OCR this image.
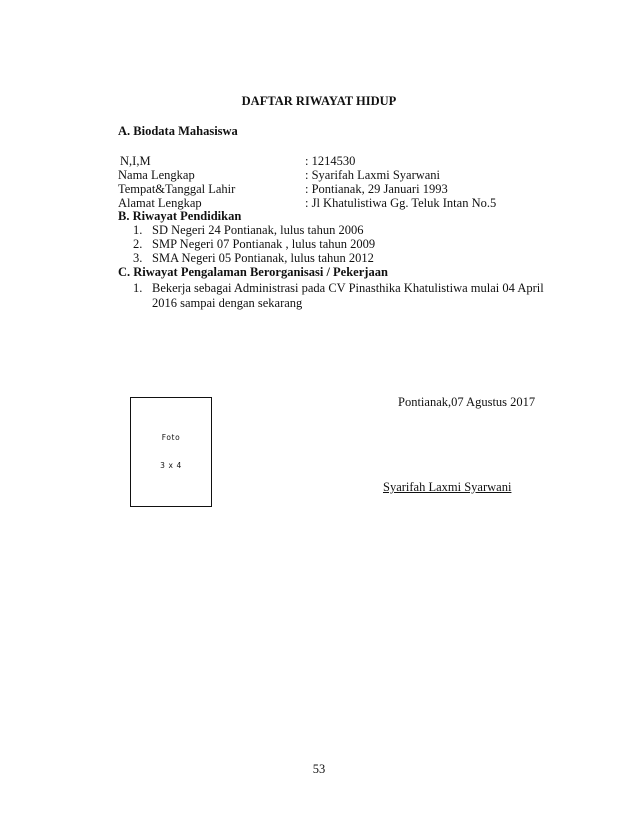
DAFTAR RIWAYAT HIDUP
A. Biodata Mahasiswa
N,I,M	: 1214530
Nama Lengkap	: Syarifah Laxmi Syarwani
Tempat&Tanggal Lahir	: Pontianak, 29 Januari 1993
Alamat Lengkap	: Jl Khatulistiwa Gg. Teluk Intan No.5
B. Riwayat Pendidikan
1. SD Negeri 24 Pontianak, lulus tahun 2006
2. SMP Negeri 07 Pontianak , lulus tahun 2009
3. SMA Negeri 05 Pontianak, lulus tahun 2012
C. Riwayat Pengalaman Berorganisasi / Pekerjaan
1. Bekerja sebagai Administrasi pada CV Pinasthika Khatulistiwa mulai 04 April
2016 sampai dengan sekarang
Foto
3 x 4
Pontianak,07 Agustus 2017
Syarifah Laxmi Syarwani
53
